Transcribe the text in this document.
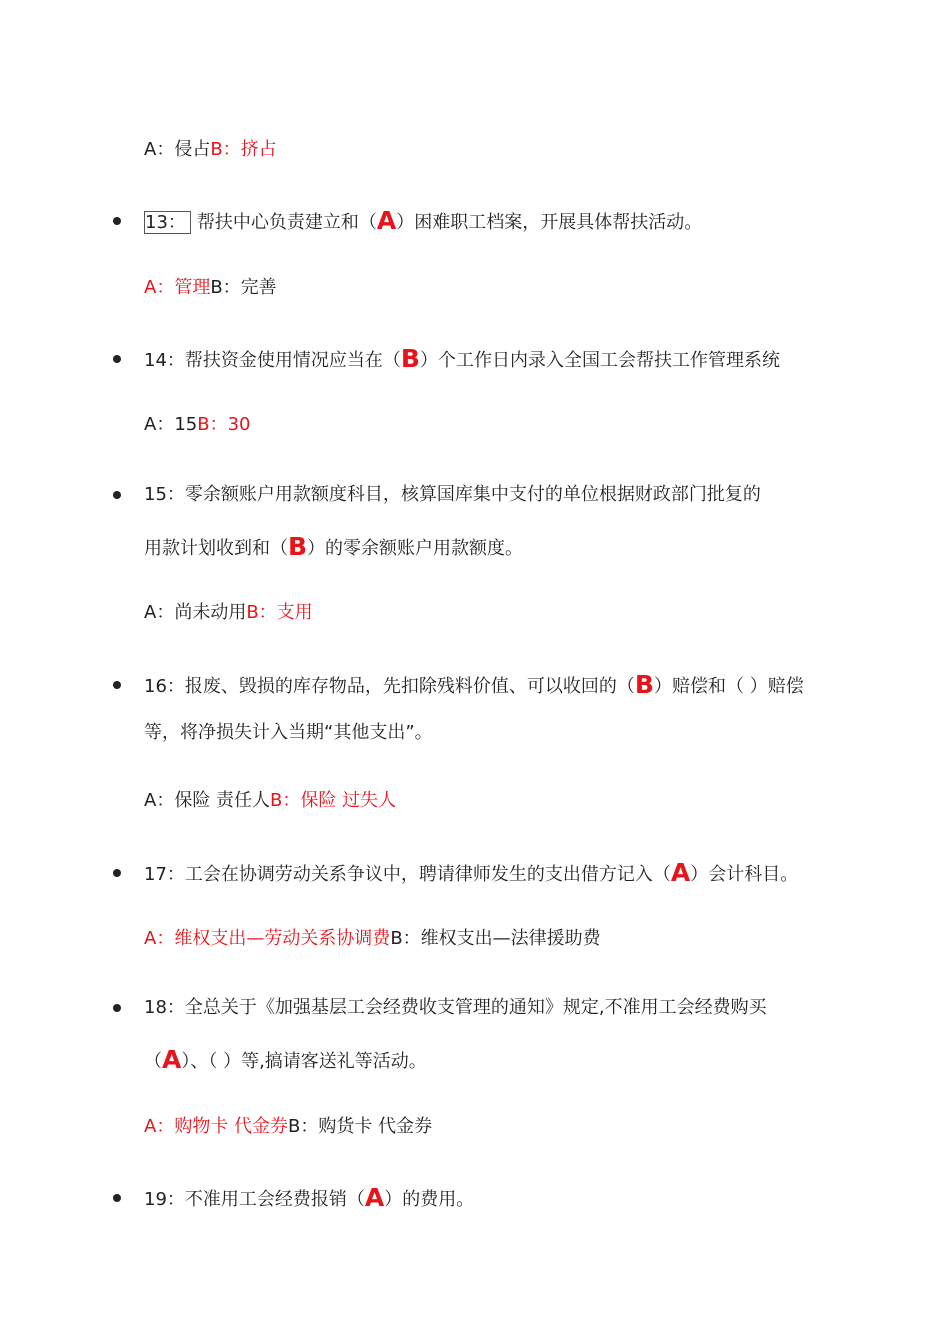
A：侵占B：挤占
13： 帮扶中心负责建立和（A）困难职工档案，开展具体帮扶活动。
A：管理B：完善
14：帮扶资金使用情况应当在（B）个工作日内录入全国工会帮扶工作管理系统
A：15B：30
15：零余额账户用款额度科目，核算国库集中支付的单位根据财政部门批复的
用款计划收到和（B）的零余额账户用款额度。
A：尚未动用B：支用
16：报废、毁损的库存物品，先扣除残料价值、可以收回的（B）赔偿和（ ）赔偿
等，将净损失计入当期“其他支出”。
A：保险 责任人B：保险 过失人
17：工会在协调劳动关系争议中，聘请律师发生的支出借方记入（A）会计科目。
A：维权支出—劳动关系协调费B：维权支出—法律援助费
18：全总关于《加强基层工会经费收支管理的通知》规定,不准用工会经费购买
（A）、（ ）等,搞请客送礼等活动。
A：购物卡 代金券B：购货卡 代金券
19：不准用工会经费报销（A）的费用。
